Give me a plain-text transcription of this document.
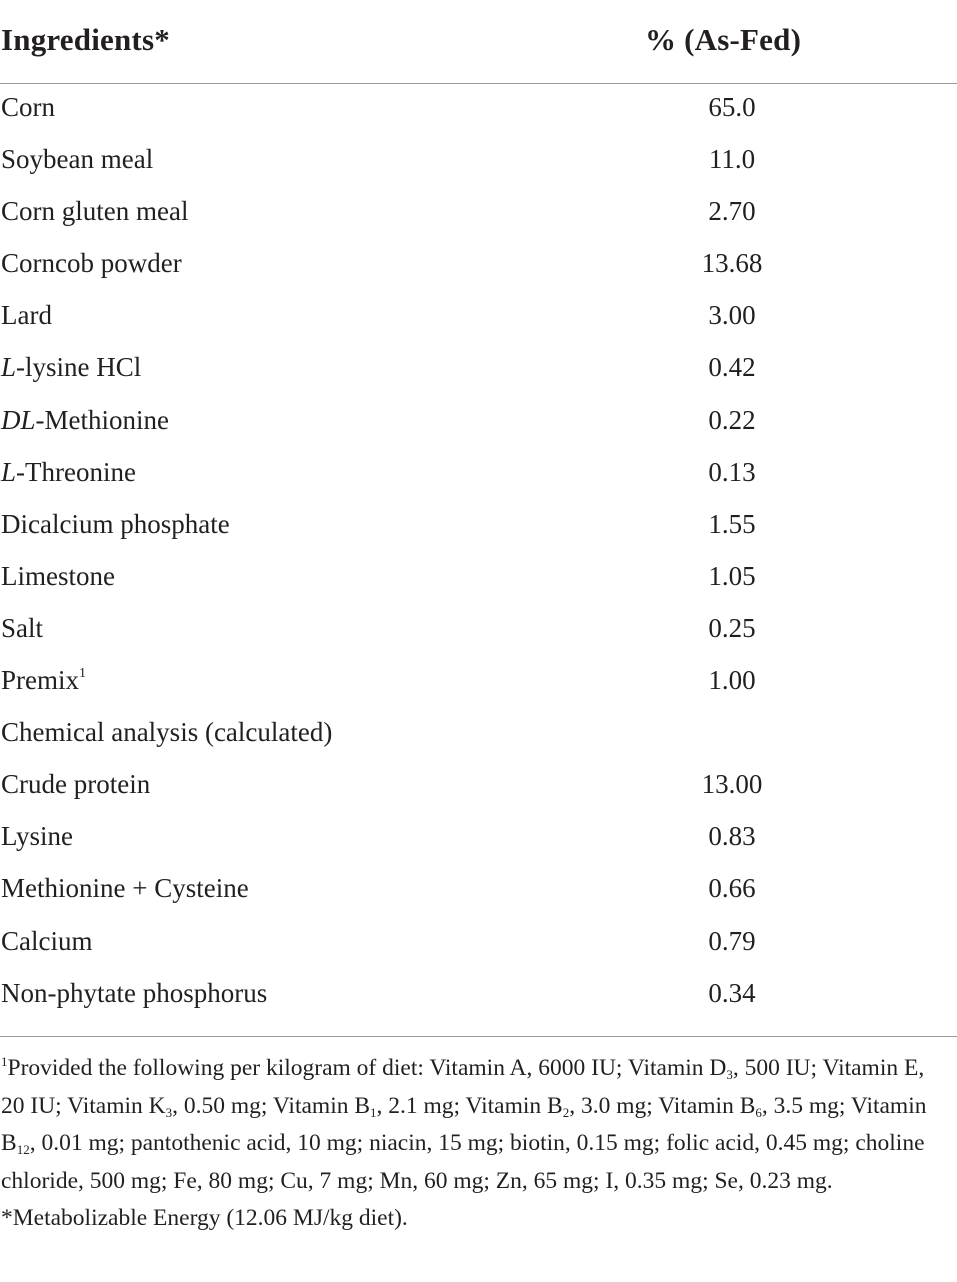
Ingredients*	% (As-Fed)
Corn	65.0
Soybean meal	11.0
Corn gluten meal	2.70
Corncob powder	13.68
Lard	3.00
L-lysine HCl	0.42
DL-Methionine	0.22
L-Threonine	0.13
Dicalcium phosphate	1.55
Limestone	1.05
Salt	0.25
Premix$^1$	1.00
Chemical analysis (calculated)
Crude protein	13.00
Lysine	0.83
Methionine + Cysteine	0.66
Calcium	0.79
Non-phytate phosphorus	0.34

$^1$Provided the following per kilogram of diet: Vitamin A, 6000 IU; Vitamin $D_3$, 500 IU; Vitamin E, 20 IU; Vitamin $K_3$, 0.50 mg; Vitamin $B_1$, 2.1 mg; Vitamin $B_2$, 3.0 mg; Vitamin $B_6$, 3.5 mg; Vitamin $B_{12}$, 0.01 mg; pantothenic acid, 10 mg; niacin, 15 mg; biotin, 0.15 mg; folic acid, 0.45 mg; choline chloride, 500 mg; Fe, 80 mg; Cu, 7 mg; Mn, 60 mg; Zn, 65 mg; I, 0.35 mg; Se, 0.23 mg.

*Metabolizable Energy (12.06 MJ/kg diet).
